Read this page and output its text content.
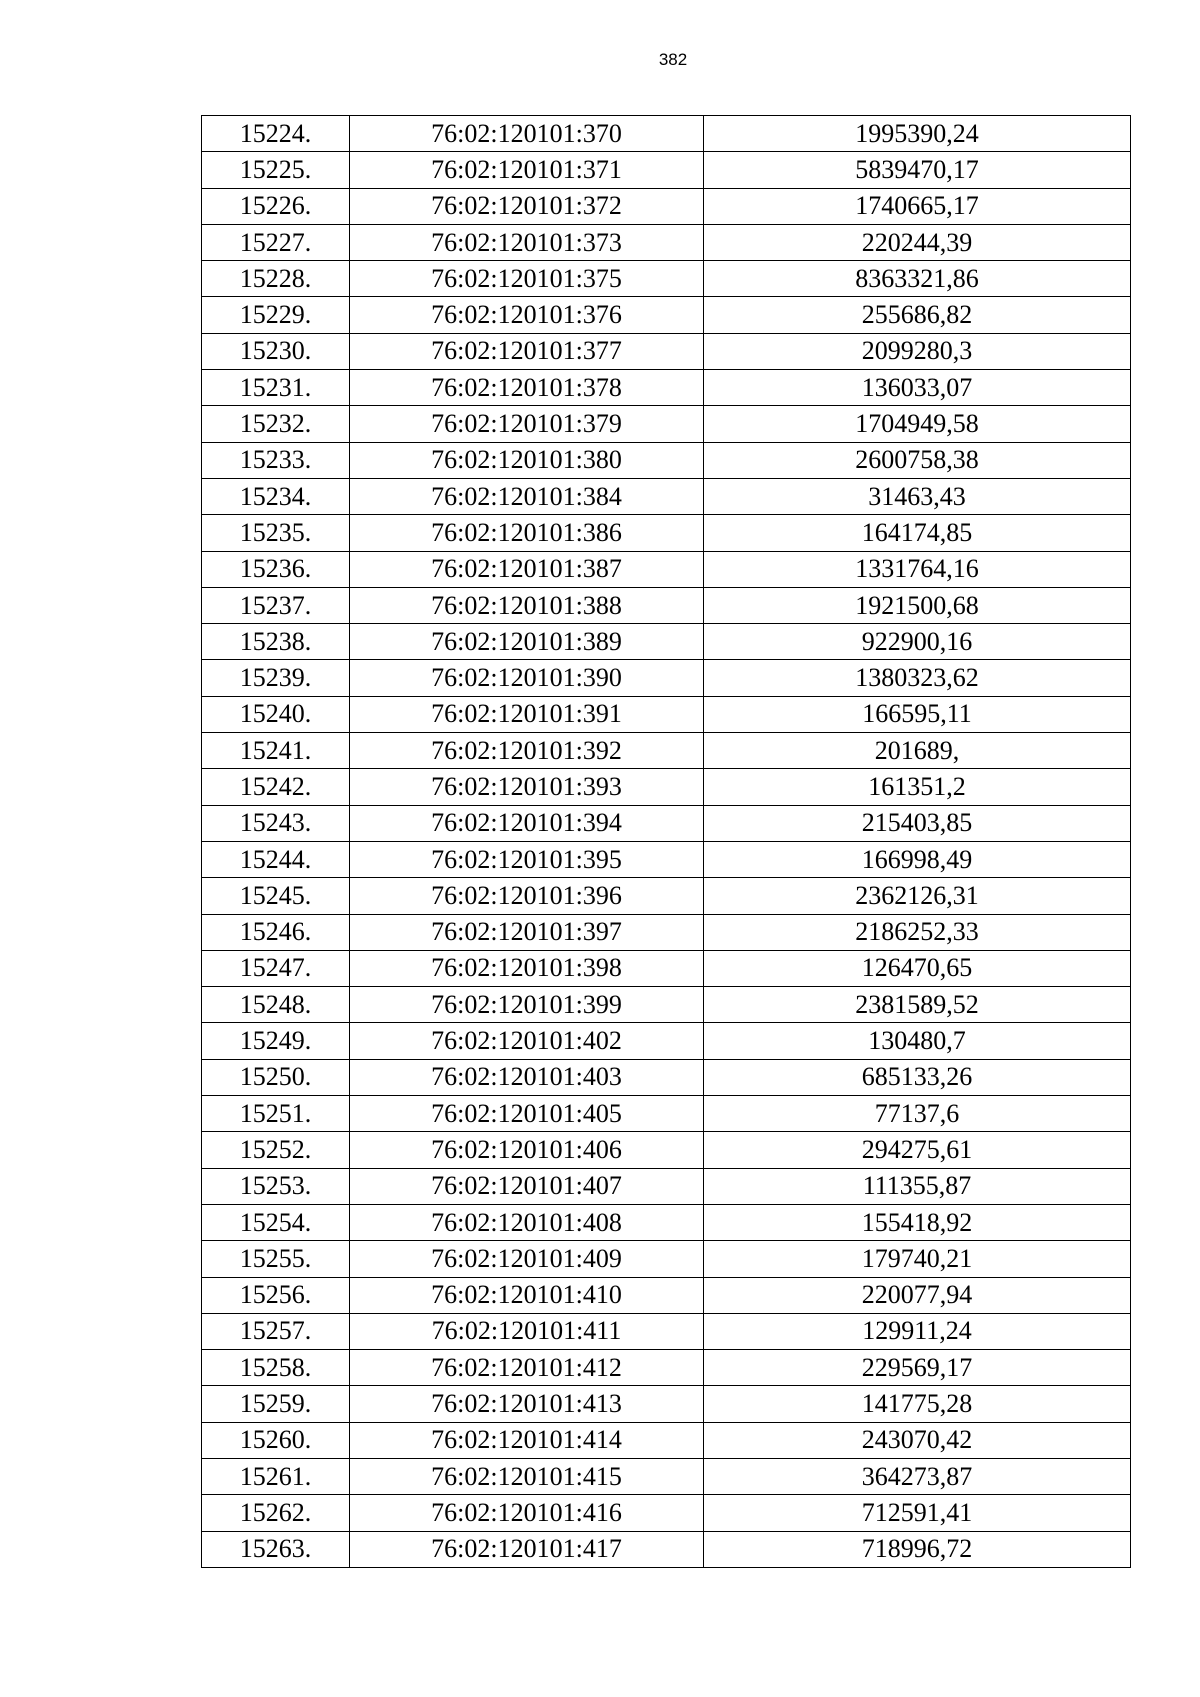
382
15224.	76:02:120101:370	1995390,24
15225.	76:02:120101:371	5839470,17
15226.	76:02:120101:372	1740665,17
15227.	76:02:120101:373	220244,39
15228.	76:02:120101:375	8363321,86
15229.	76:02:120101:376	255686,82
15230.	76:02:120101:377	2099280,3
15231.	76:02:120101:378	136033,07
15232.	76:02:120101:379	1704949,58
15233.	76:02:120101:380	2600758,38
15234.	76:02:120101:384	31463,43
15235.	76:02:120101:386	164174,85
15236.	76:02:120101:387	1331764,16
15237.	76:02:120101:388	1921500,68
15238.	76:02:120101:389	922900,16
15239.	76:02:120101:390	1380323,62
15240.	76:02:120101:391	166595,11
15241.	76:02:120101:392	201689,
15242.	76:02:120101:393	161351,2
15243.	76:02:120101:394	215403,85
15244.	76:02:120101:395	166998,49
15245.	76:02:120101:396	2362126,31
15246.	76:02:120101:397	2186252,33
15247.	76:02:120101:398	126470,65
15248.	76:02:120101:399	2381589,52
15249.	76:02:120101:402	130480,7
15250.	76:02:120101:403	685133,26
15251.	76:02:120101:405	77137,6
15252.	76:02:120101:406	294275,61
15253.	76:02:120101:407	111355,87
15254.	76:02:120101:408	155418,92
15255.	76:02:120101:409	179740,21
15256.	76:02:120101:410	220077,94
15257.	76:02:120101:411	129911,24
15258.	76:02:120101:412	229569,17
15259.	76:02:120101:413	141775,28
15260.	76:02:120101:414	243070,42
15261.	76:02:120101:415	364273,87
15262.	76:02:120101:416	712591,41
15263.	76:02:120101:417	718996,72
